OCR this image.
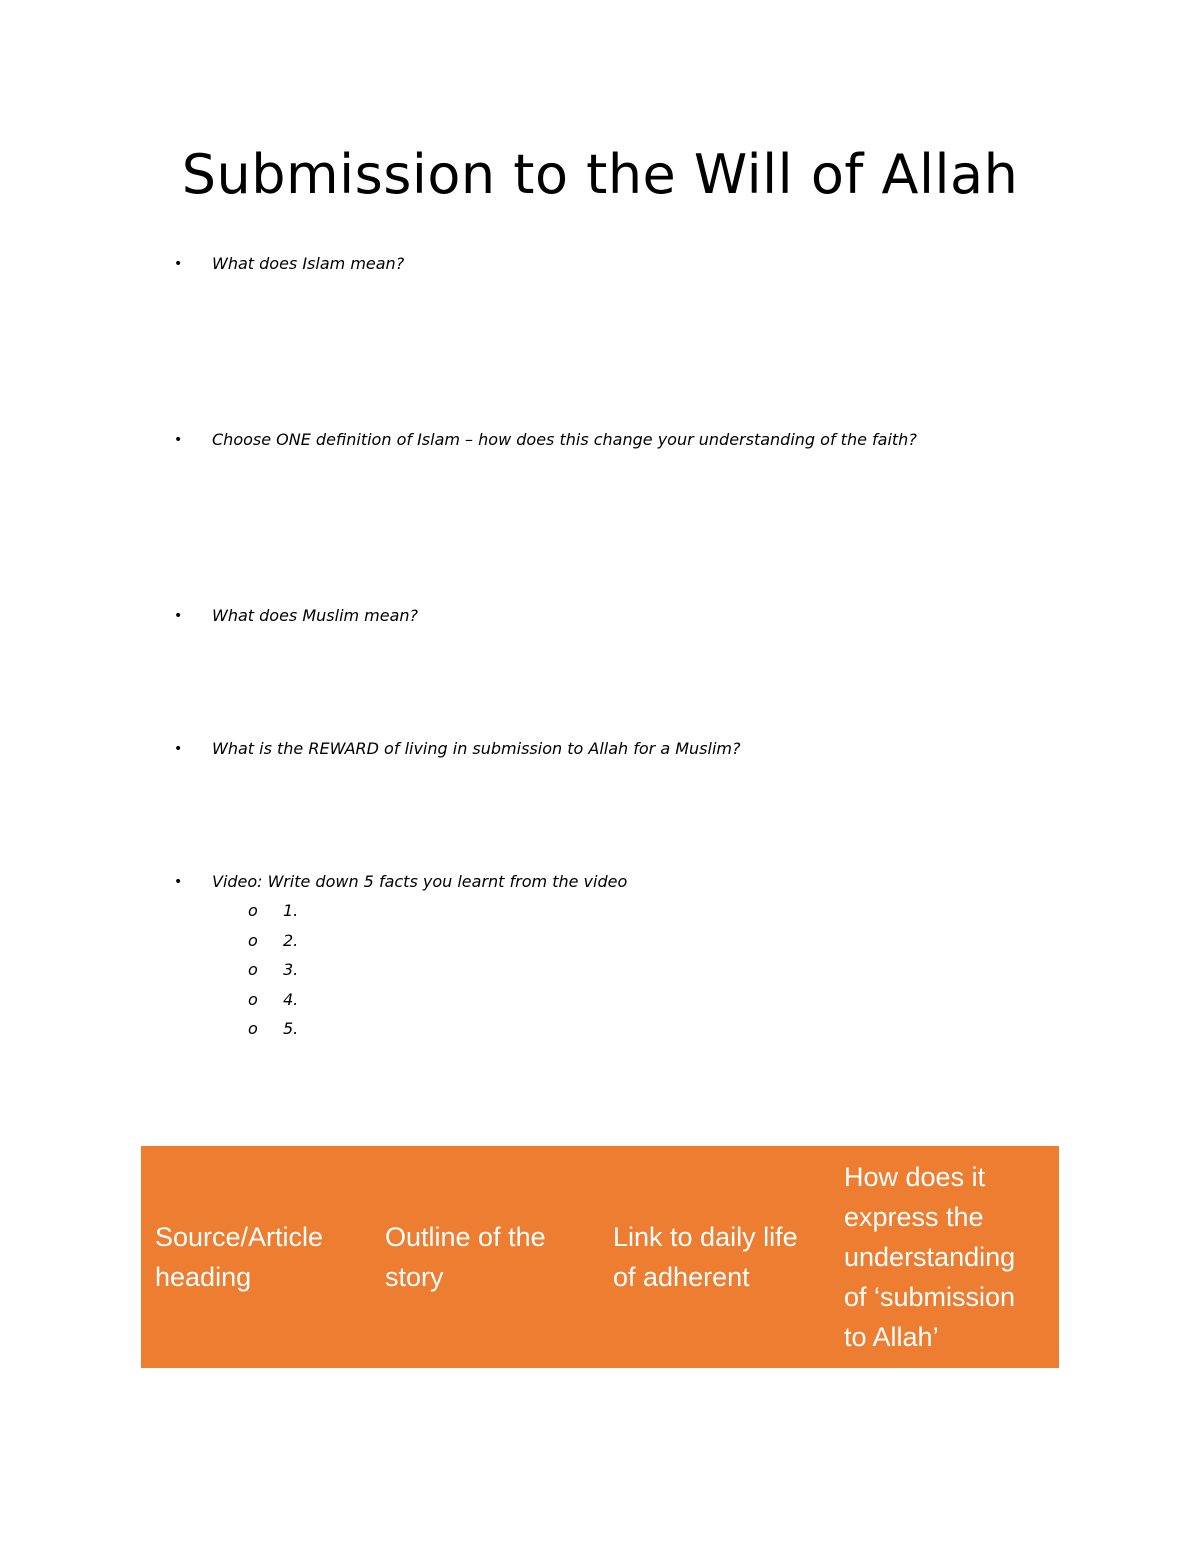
Submission to the Will of Allah
• What does Islam mean?
• Choose ONE definition of Islam – how does this change your understanding of the faith?
• What does Muslim mean?
• What is the REWARD of living in submission to Allah for a Muslim?
• Video: Write down 5 facts you learnt from the video
o 1.
o 2.
o 3.
o 4.
o 5.
Source/Article heading	Outline of the story	Link to daily life of adherent	How does it express the understanding of ‘submission to Allah’
